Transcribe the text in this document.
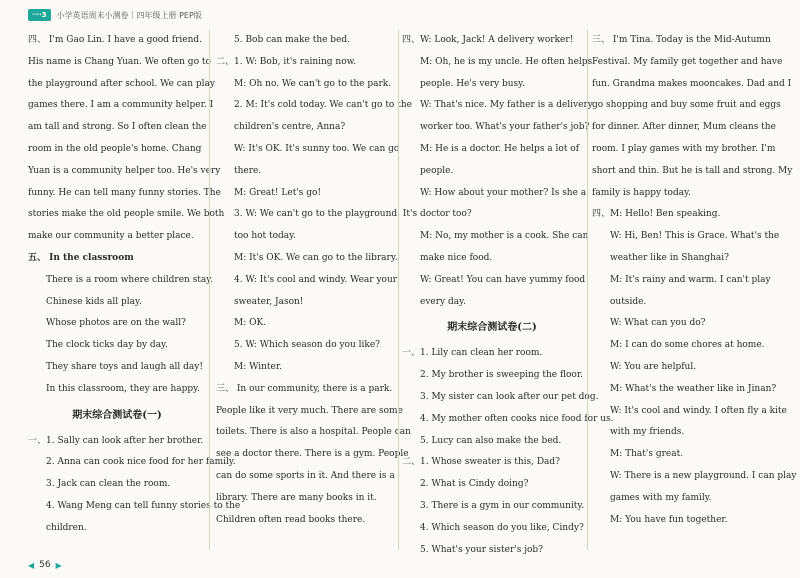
一·3	小学英语周末小测卷｜四年级上册 PEP版
四、 I'm Gao Lin. I have a good friend.
His name is Chang Yuan. We often go to
the playground after school. We can play
games there. I am a community helper. I
am tall and strong. So I often clean the
room in the old people's home. Chang
Yuan is a community helper too. He's very
funny. He can tell many funny stories. The
stories make the old people smile. We both
make our community a better place.
五、 In the classroom
There is a room where children stay.
Chinese kids all play.
Whose photos are on the wall?
The clock ticks day by day.
They share toys and laugh all day!
In this classroom, they are happy.
期末综合测试卷(一)
一、1. Sally can look after her brother.
2. Anna can cook nice food for her family.
3. Jack can clean the room.
4. Wang Meng can tell funny stories to the
children.
5. Bob can make the bed.
二、1. W: Bob, it's raining now.
M: Oh no. We can't go to the park.
2. M: It's cold today. We can't go to the
children's centre, Anna?
W: It's OK. It's sunny too. We can go
there.
M: Great! Let's go!
3. W: We can't go to the playground. It's
too hot today.
M: It's OK. We can go to the library.
4. W: It's cool and windy. Wear your
sweater, Jason!
M: OK.
5. W: Which season do you like?
M: Winter.
三、 In our community, there is a park.
People like it very much. There are some
toilets. There is also a hospital. People can
see a doctor there. There is a gym. People
can do some sports in it. And there is a
library. There are many books in it.
Children often read books there.
四、W: Look, Jack! A delivery worker!
M: Oh, he is my uncle. He often helps
people. He's very busy.
W: That's nice. My father is a delivery
worker too. What's your father's job?
M: He is a doctor. He helps a lot of
people.
W: How about your mother? Is she a
doctor too?
M: No, my mother is a cook. She can
make nice food.
W: Great! You can have yummy food
every day.
期末综合测试卷(二)
一、1. Lily can clean her room.
2. My brother is sweeping the floor.
3. My sister can look after our pet dog.
4. My mother often cooks nice food for us.
5. Lucy can also make the bed.
二、1. Whose sweater is this, Dad?
2. What is Cindy doing?
3. There is a gym in our community.
4. Which season do you like, Cindy?
5. What's your sister's job?
三、 I'm Tina. Today is the Mid-Autumn
Festival. My family get together and have
fun. Grandma makes mooncakes. Dad and I
go shopping and buy some fruit and eggs
for dinner. After dinner, Mum cleans the
room. I play games with my brother. I'm
short and thin. But he is tall and strong. My
family is happy today.
四、M: Hello! Ben speaking.
W: Hi, Ben! This is Grace. What's the
weather like in Shanghai?
M: It's rainy and warm. I can't play
outside.
W: What can you do?
M: I can do some chores at home.
W: You are helpful.
M: What's the weather like in Jinan?
W: It's cool and windy. I often fly a kite
with my friends.
M: That's great.
W: There is a new playground. I can play
games with my family.
M: You have fun together.
◀ 56 ▶
